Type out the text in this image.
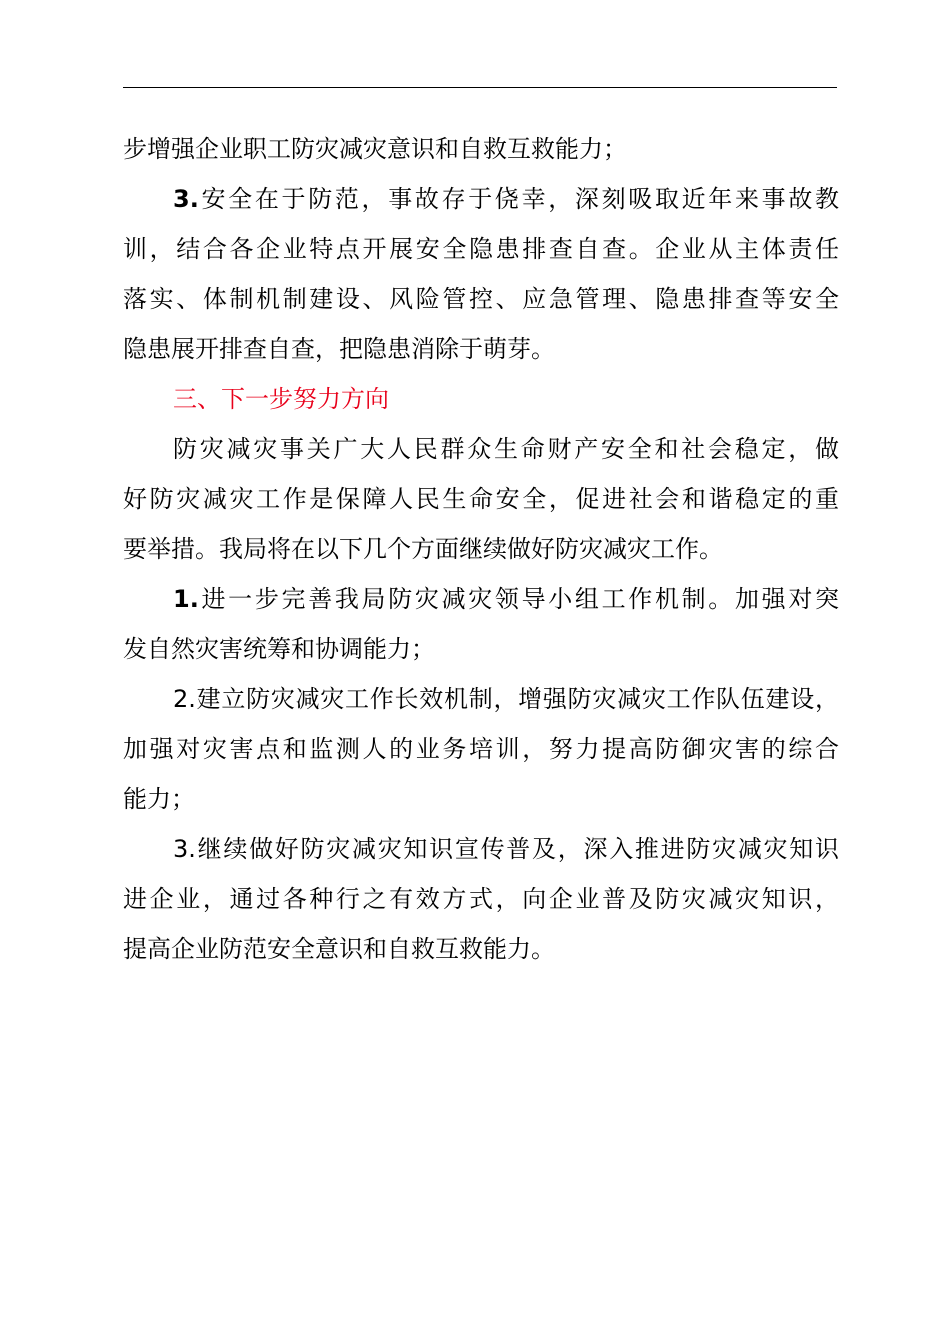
步增强企业职工防灾减灾意识和自救互救能力；
3.安全在于防范，事故存于侥幸，深刻吸取近年来事故教
训，结合各企业特点开展安全隐患排查自查。企业从主体责任
落实、体制机制建设、风险管控、应急管理、隐患排查等安全
隐患展开排查自查，把隐患消除于萌芽。
三、下一步努力方向
防灾减灾事关广大人民群众生命财产安全和社会稳定，做
好防灾减灾工作是保障人民生命安全，促进社会和谐稳定的重
要举措。我局将在以下几个方面继续做好防灾减灾工作。
1.进一步完善我局防灾减灾领导小组工作机制。加强对突
发自然灾害统筹和协调能力；
2.建立防灾减灾工作长效机制，增强防灾减灾工作队伍建设，
加强对灾害点和监测人的业务培训，努力提高防御灾害的综合
能力；
3.继续做好防灾减灾知识宣传普及，深入推进防灾减灾知识
进企业，通过各种行之有效方式，向企业普及防灾减灾知识，
提高企业防范安全意识和自救互救能力。
